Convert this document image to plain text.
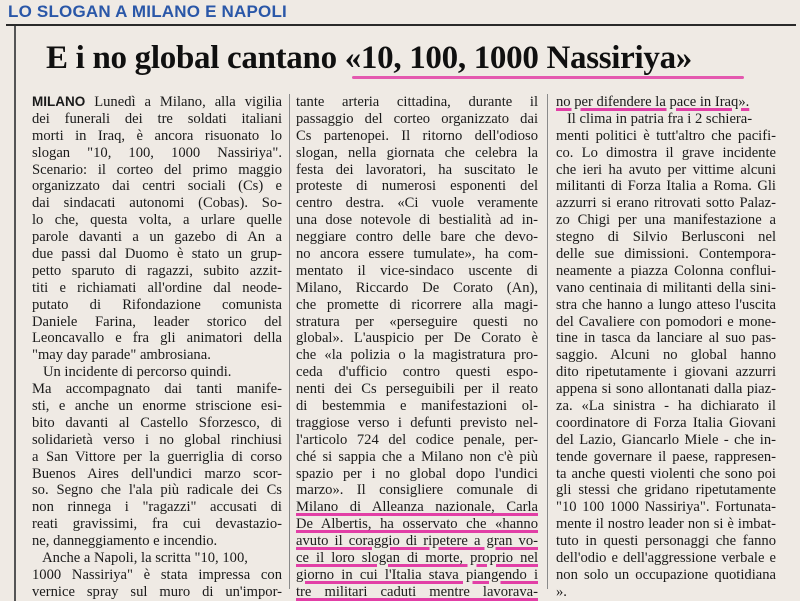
LO SLOGAN A MILANO E NAPOLI
E i no global cantano «10, 100, 1000 Nassiriya»
MILANO Lunedì a Milano, alla vigilia
dei funerali dei tre soldati italiani
morti in Iraq, è ancora risuonato lo
slogan "10, 100, 1000 Nassiriya".
Scenario: il corteo del primo maggio
organizzato dai centri sociali (Cs) e
dai sindacati autonomi (Cobas). So-
lo che, questa volta, a urlare quelle
parole davanti a un gazebo di An a
due passi dal Duomo è stato un grup-
petto sparuto di ragazzi, subito azzit-
titi e richiamati all'ordine dal neode-
putato di Rifondazione comunista
Daniele Farina, leader storico del
Leoncavallo e fra gli animatori della
"may day parade" ambrosiana.
Un incidente di percorso quindi.
Ma accompagnato dai tanti manife-
sti, e anche un enorme striscione esi-
bito davanti al Castello Sforzesco, di
solidarietà verso i no global rinchiusi
a San Vittore per la guerriglia di corso
Buenos Aires dell'undici marzo scor-
so. Segno che l'ala più radicale dei Cs
non rinnega i "ragazzi" accusati di
reati gravissimi, fra cui devastazio-
ne, danneggiamento e incendio.
Anche a Napoli, la scritta "10, 100,
1000 Nassiriya" è stata impressa con
vernice spray sul muro di un'impor-
tante arteria cittadina, durante il
passaggio del corteo organizzato dai
Cs partenopei. Il ritorno dell'odioso
slogan, nella giornata che celebra la
festa dei lavoratori, ha suscitato le
proteste di numerosi esponenti del
centro destra. «Ci vuole veramente
una dose notevole di bestialità ad in-
neggiare contro delle bare che devo-
no ancora essere tumulate», ha com-
mentato il vice-sindaco uscente di
Milano, Riccardo De Corato (An),
che promette di ricorrere alla magi-
stratura per «perseguire questi no
global». L'auspicio per De Corato è
che «la polizia o la magistratura pro-
ceda d'ufficio contro questi espo-
nenti dei Cs perseguibili per il reato
di bestemmia e manifestazioni ol-
traggiose verso i defunti previsto nel-
l'articolo 724 del codice penale, per-
ché si sappia che a Milano non c'è più
spazio per i no global dopo l'undici
marzo». Il consigliere comunale di
Milano di Alleanza nazionale, Carla
De Albertis, ha osservato che «hanno
avuto il coraggio di ripetere a gran vo-
ce il loro slogan di morte, proprio nel
giorno in cui l'Italia stava piangendo i
tre militari caduti mentre lavorava-
no per difendere la pace in Iraq».
Il clima in patria fra i 2 schiera-
menti politici è tutt'altro che pacifi-
co. Lo dimostra il grave incidente
che ieri ha avuto per vittime alcuni
militanti di Forza Italia a Roma. Gli
azzurri si erano ritrovati sotto Palaz-
zo Chigi per una manifestazione a
stegno di Silvio Berlusconi nel
delle sue dimissioni. Contempora-
neamente a piazza Colonna conflui-
vano centinaia di militanti della sini-
stra che hanno a lungo atteso l'uscita
del Cavaliere con pomodori e mone-
tine in tasca da lanciare al suo pas-
saggio. Alcuni no global hanno
dito ripetutamente i giovani azzurri
appena si sono allontanati dalla piaz-
za. «La sinistra - ha dichiarato il
coordinatore di Forza Italia Giovani
del Lazio, Giancarlo Miele - che in-
tende governare il paese, rappresen-
ta anche questi violenti che sono poi
gli stessi che gridano ripetutamente
"10 100 1000 Nassiriya". Fortunata-
mente il nostro leader non si è imbat-
tuto in questi personaggi che fanno
dell'odio e dell'aggressione verbale e
non solo un occupazione quotidiana
».
